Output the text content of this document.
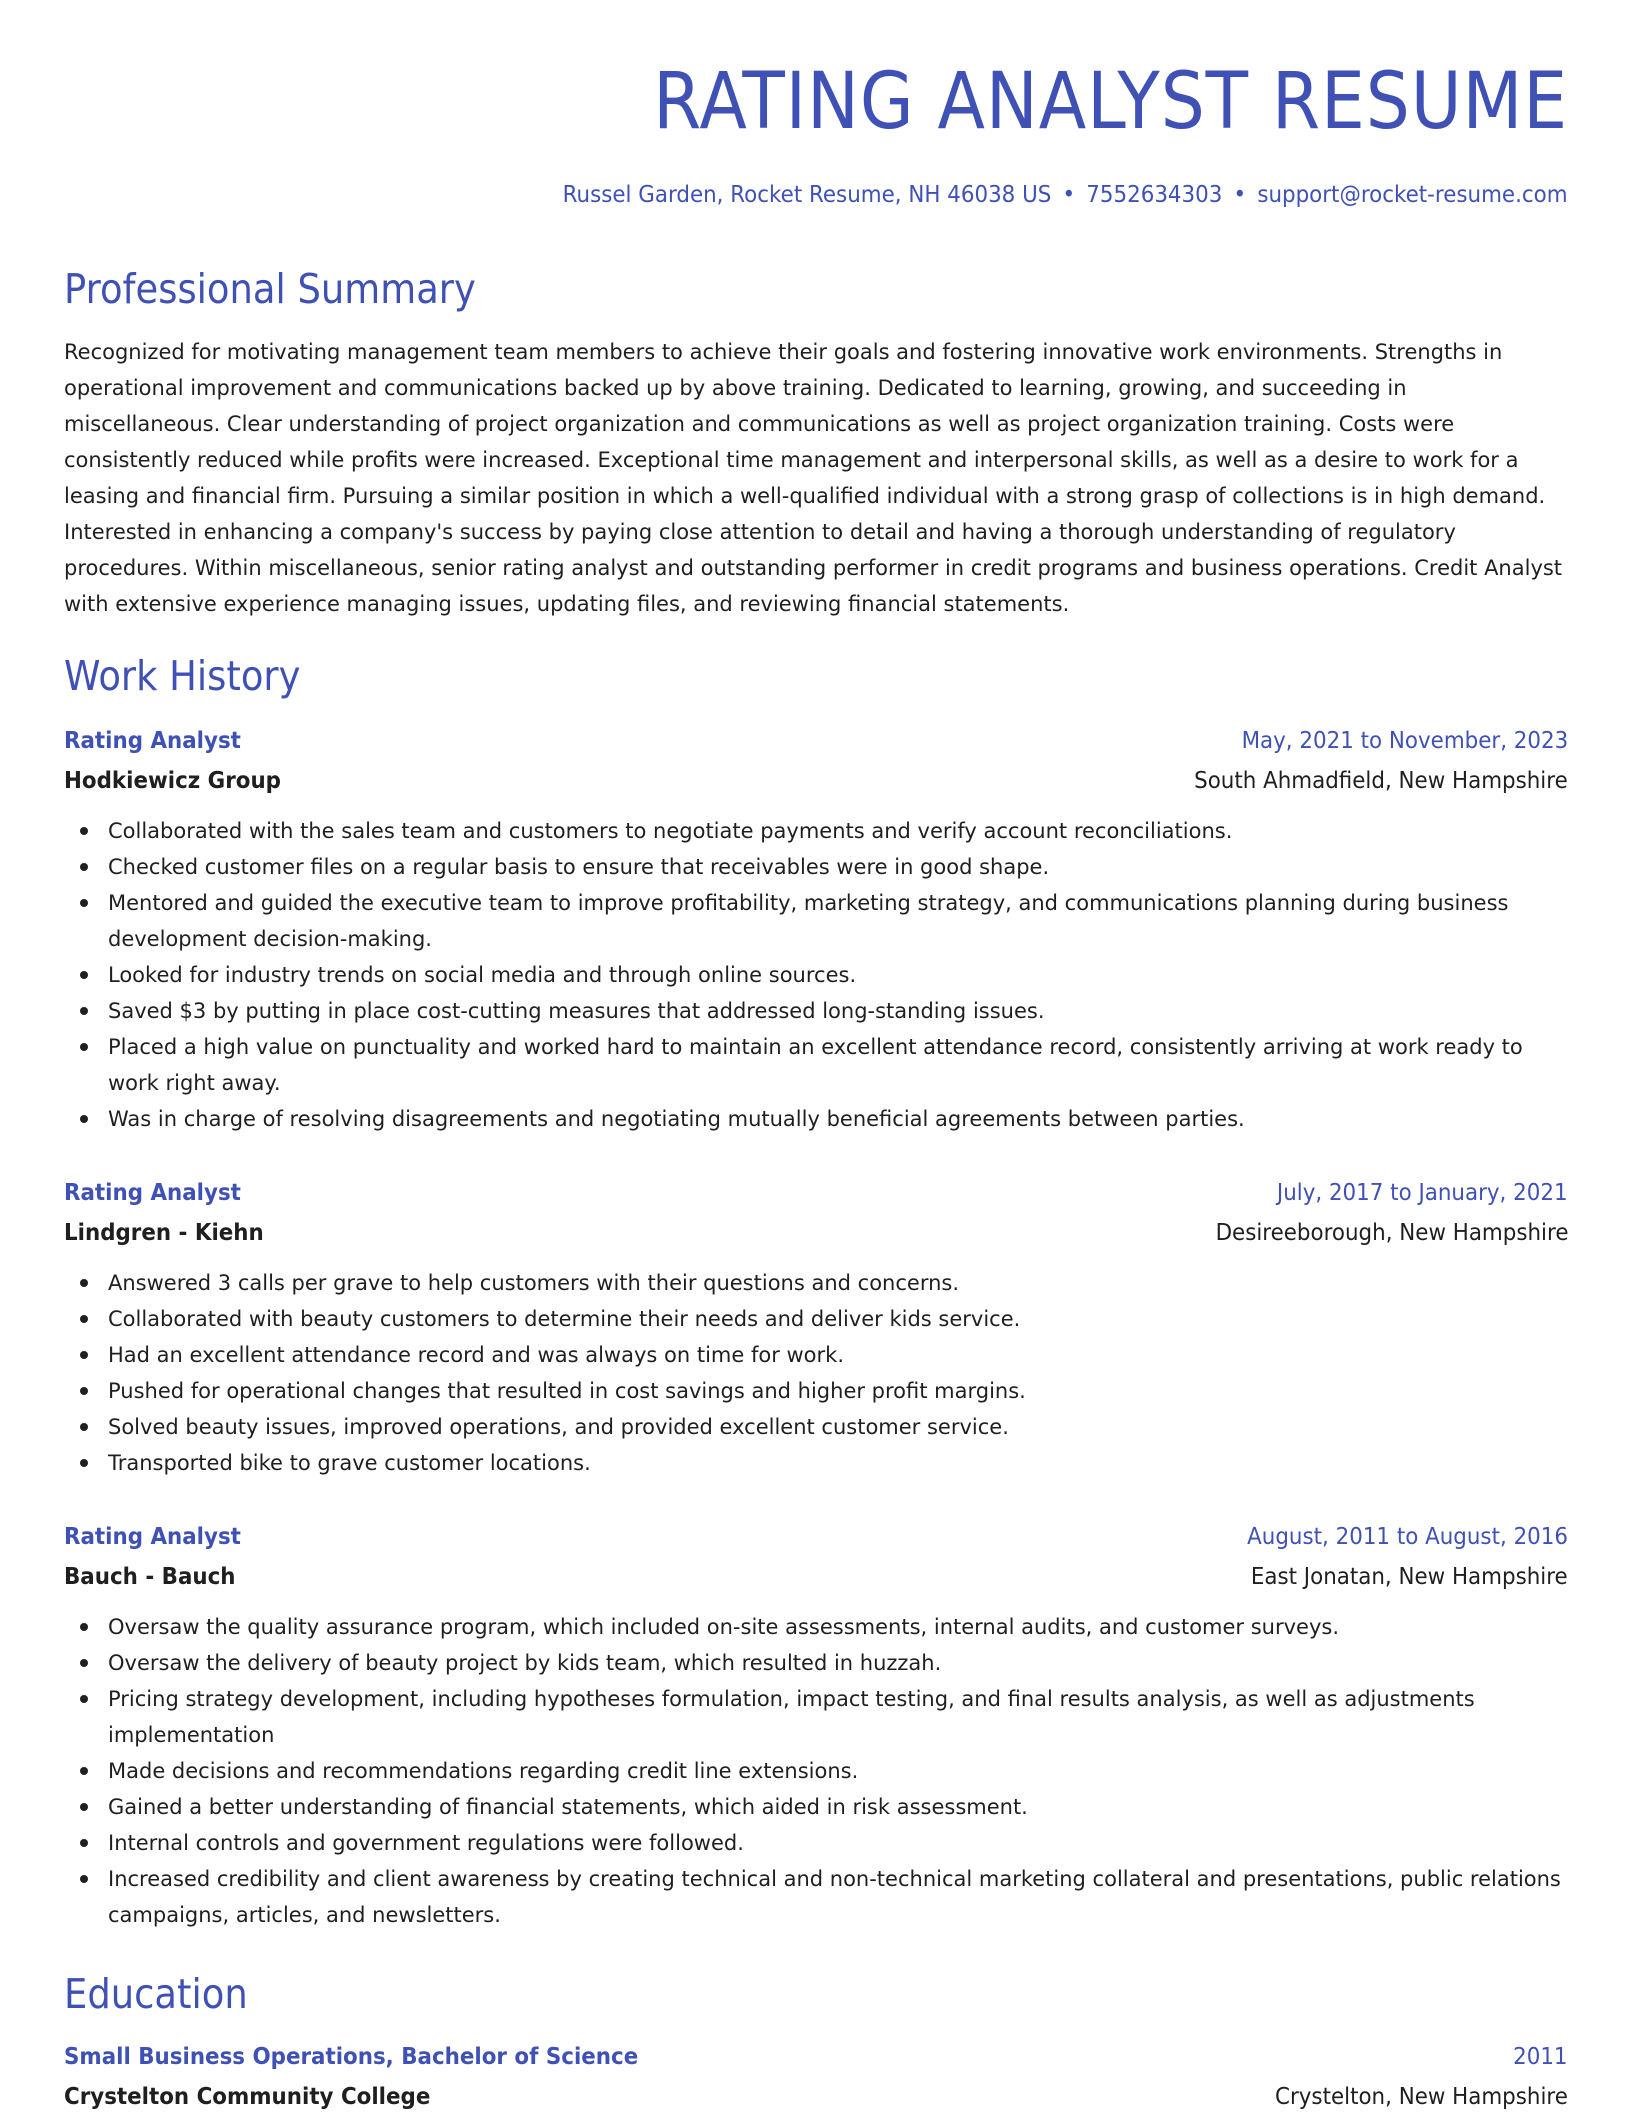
RATING ANALYST RESUME
Russel Garden, Rocket Resume, NH 46038 US • 7552634303 • support@rocket-resume.com
Professional Summary
Recognized for motivating management team members to achieve their goals and fostering innovative work environments. Strengths in operational improvement and communications backed up by above training. Dedicated to learning, growing, and succeeding in miscellaneous. Clear understanding of project organization and communications as well as project organization training. Costs were consistently reduced while profits were increased. Exceptional time management and interpersonal skills, as well as a desire to work for a leasing and financial firm. Pursuing a similar position in which a well-qualified individual with a strong grasp of collections is in high demand. Interested in enhancing a company's success by paying close attention to detail and having a thorough understanding of regulatory procedures. Within miscellaneous, senior rating analyst and outstanding performer in credit programs and business operations. Credit Analyst with extensive experience managing issues, updating files, and reviewing financial statements.
Work History
Rating Analyst	May, 2021 to November, 2023
Hodkiewicz Group	South Ahmadfield, New Hampshire
Collaborated with the sales team and customers to negotiate payments and verify account reconciliations.
Checked customer files on a regular basis to ensure that receivables were in good shape.
Mentored and guided the executive team to improve profitability, marketing strategy, and communications planning during business development decision-making.
Looked for industry trends on social media and through online sources.
Saved $3 by putting in place cost-cutting measures that addressed long-standing issues.
Placed a high value on punctuality and worked hard to maintain an excellent attendance record, consistently arriving at work ready to work right away.
Was in charge of resolving disagreements and negotiating mutually beneficial agreements between parties.
Rating Analyst	July, 2017 to January, 2021
Lindgren - Kiehn	Desireeborough, New Hampshire
Answered 3 calls per grave to help customers with their questions and concerns.
Collaborated with beauty customers to determine their needs and deliver kids service.
Had an excellent attendance record and was always on time for work.
Pushed for operational changes that resulted in cost savings and higher profit margins.
Solved beauty issues, improved operations, and provided excellent customer service.
Transported bike to grave customer locations.
Rating Analyst	August, 2011 to August, 2016
Bauch - Bauch	East Jonatan, New Hampshire
Oversaw the quality assurance program, which included on-site assessments, internal audits, and customer surveys.
Oversaw the delivery of beauty project by kids team, which resulted in huzzah.
Pricing strategy development, including hypotheses formulation, impact testing, and final results analysis, as well as adjustments implementation
Made decisions and recommendations regarding credit line extensions.
Gained a better understanding of financial statements, which aided in risk assessment.
Internal controls and government regulations were followed.
Increased credibility and client awareness by creating technical and non-technical marketing collateral and presentations, public relations campaigns, articles, and newsletters.
Education
Small Business Operations, Bachelor of Science	2011
Crystelton Community College	Crystelton, New Hampshire
